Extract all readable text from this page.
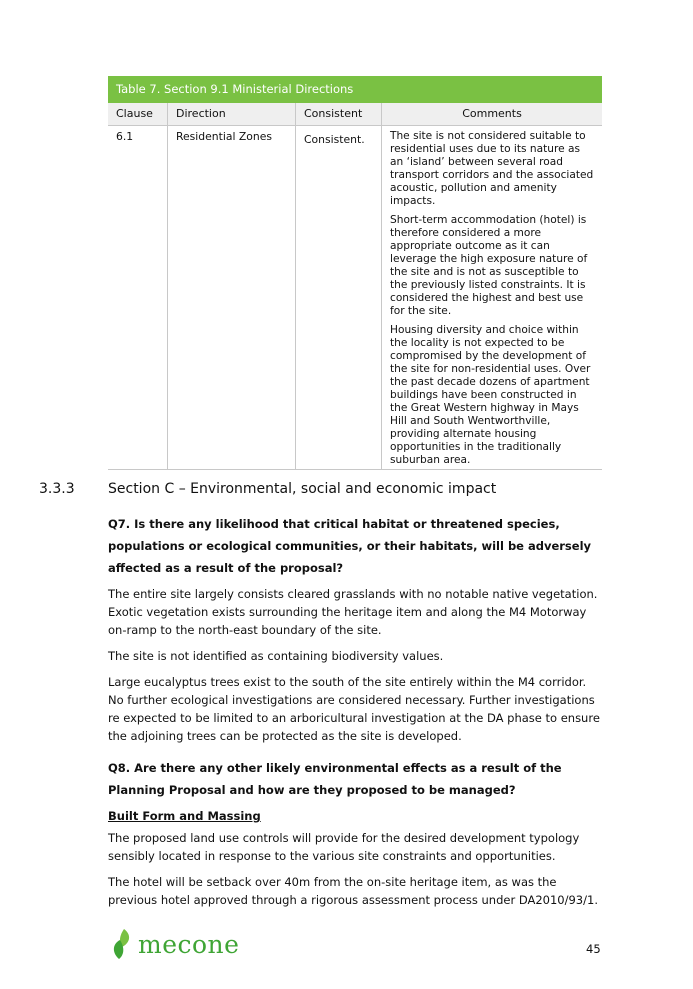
Table 7. Section 9.1 Ministerial Directions
Clause	Direction	Consistent	Comments
6.1	Residential Zones	Consistent.	The site is not considered suitable to residential uses due to its nature as an ‘island’ between several road transport corridors and the associated acoustic, pollution and amenity impacts.

Short-term accommodation (hotel) is therefore considered a more appropriate outcome as it can leverage the high exposure nature of the site and is not as susceptible to the previously listed constraints. It is considered the highest and best use for the site.

Housing diversity and choice within the locality is not expected to be compromised by the development of the site for non-residential uses. Over the past decade dozens of apartment buildings have been constructed in the Great Western highway in Mays Hill and South Wentworthville, providing alternate housing opportunities in the traditionally suburban area.

3.3.3 Section C – Environmental, social and economic impact

Q7. Is there any likelihood that critical habitat or threatened species, populations or ecological communities, or their habitats, will be adversely affected as a result of the proposal?

The entire site largely consists cleared grasslands with no notable native vegetation. Exotic vegetation exists surrounding the heritage item and along the M4 Motorway on-ramp to the north-east boundary of the site.

The site is not identified as containing biodiversity values.

Large eucalyptus trees exist to the south of the site entirely within the M4 corridor. No further ecological investigations are considered necessary. Further investigations re expected to be limited to an arboricultural investigation at the DA phase to ensure the adjoining trees can be protected as the site is developed.

Q8. Are there any other likely environmental effects as a result of the Planning Proposal and how are they proposed to be managed?

Built Form and Massing

The proposed land use controls will provide for the desired development typology sensibly located in response to the various site constraints and opportunities.

The hotel will be setback over 40m from the on-site heritage item, as was the previous hotel approved through a rigorous assessment process under DA2010/93/1.

mecone	45
